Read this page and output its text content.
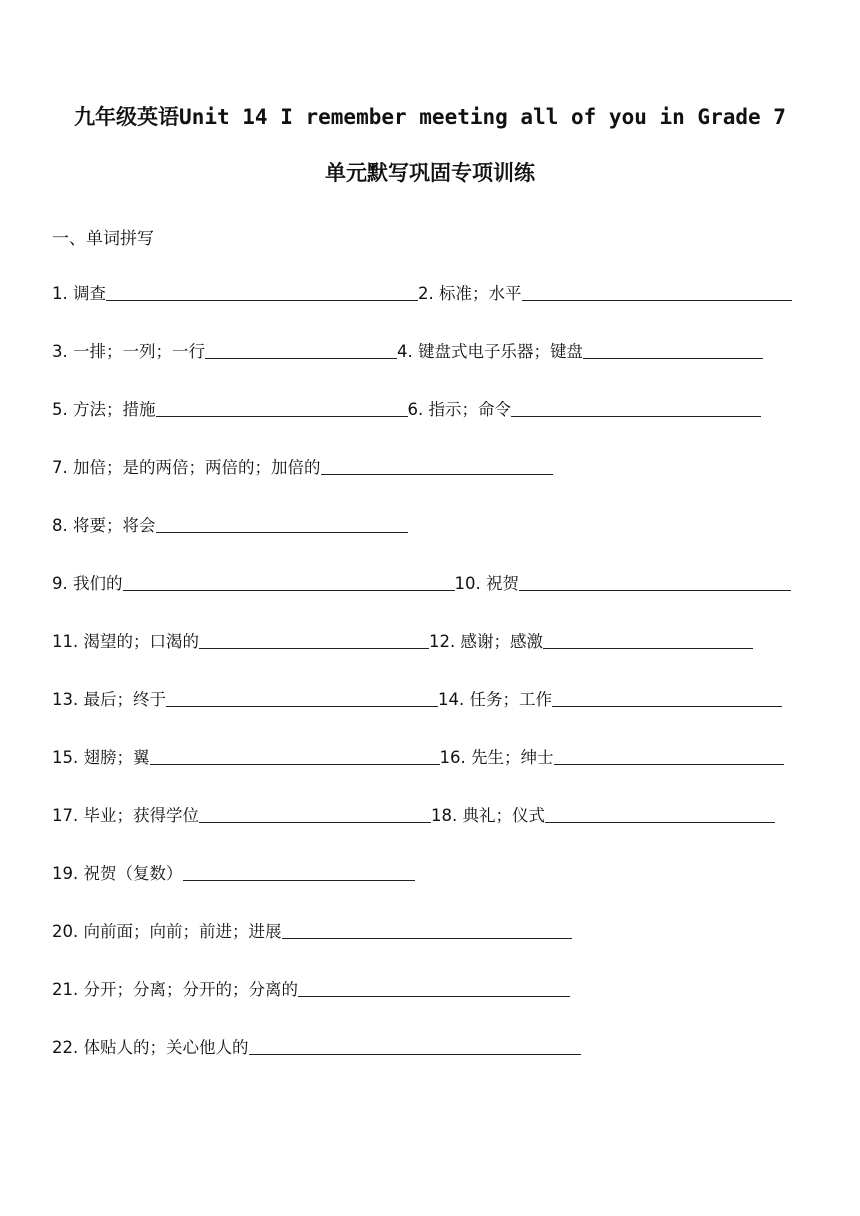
九年级英语Unit 14 I remember meeting all of you in Grade 7
单元默写巩固专项训练
一、单词拼写
1. 调查	2. 标准；水平
3. 一排；一列；一行	4. 键盘式电子乐器；键盘
5. 方法；措施	6. 指示；命令
7. 加倍；是的两倍；两倍的；加倍的
8. 将要；将会
9. 我们的	10. 祝贺
11. 渴望的；口渴的	12. 感谢；感激
13. 最后；终于	14. 任务；工作
15. 翅膀；翼	16. 先生；绅士
17. 毕业；获得学位	18. 典礼；仪式
19. 祝贺（复数）
20. 向前面；向前；前进；进展
21. 分开；分离；分开的；分离的
22. 体贴人的；关心他人的
